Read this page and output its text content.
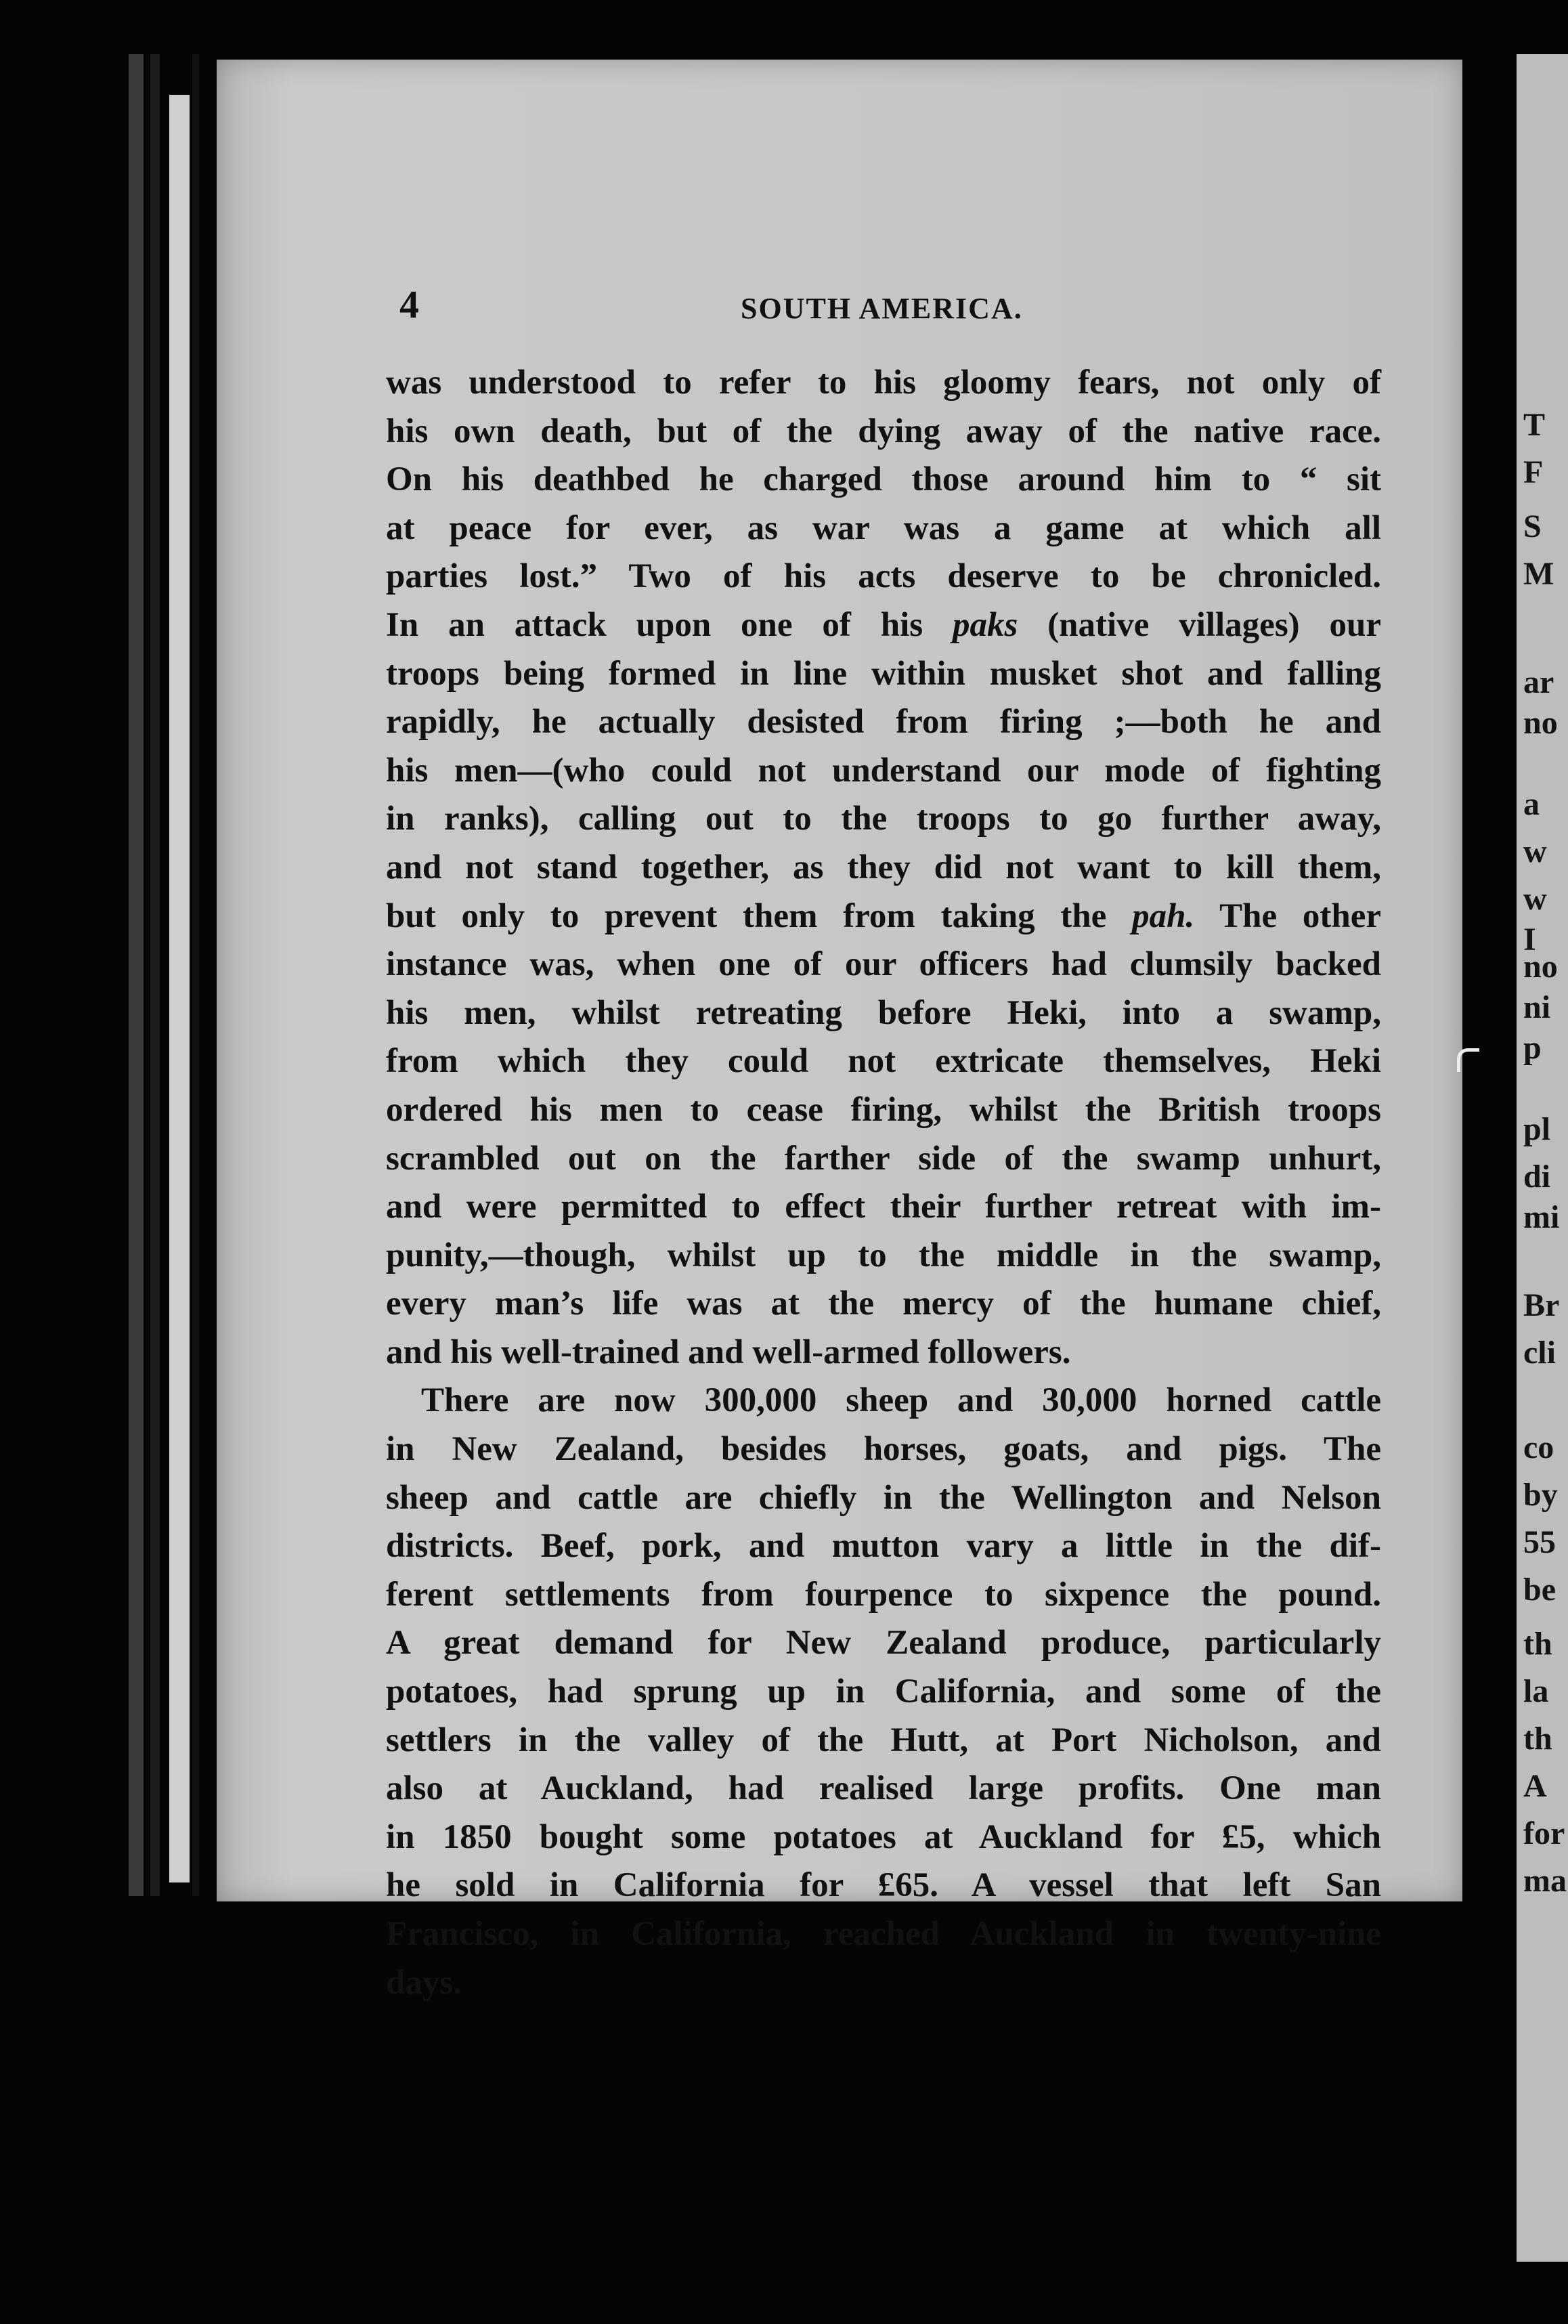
4	SOUTH AMERICA.
was understood to refer to his gloomy fears, not only of
his own death, but of the dying away of the native race.
On his deathbed he charged those around him to “ sit
at peace for ever, as war was a game at which all
parties lost.” Two of his acts deserve to be chronicled.
In an attack upon one of his paks (native villages) our
troops being formed in line within musket shot and falling
rapidly, he actually desisted from firing ;—both he and
his men—(who could not understand our mode of fighting
in ranks), calling out to the troops to go further away,
and not stand together, as they did not want to kill them,
but only to prevent them from taking the pah. The other
instance was, when one of our officers had clumsily backed
his men, whilst retreating before Heki, into a swamp,
from which they could not extricate themselves, Heki
ordered his men to cease firing, whilst the British troops
scrambled out on the farther side of the swamp unhurt,
and were permitted to effect their further retreat with im-
punity,—though, whilst up to the middle in the swamp,
every man’s life was at the mercy of the humane chief,
and his well-trained and well-armed followers.
There are now 300,000 sheep and 30,000 horned cattle
in New Zealand, besides horses, goats, and pigs. The
sheep and cattle are chiefly in the Wellington and Nelson
districts. Beef, pork, and mutton vary a little in the dif-
ferent settlements from fourpence to sixpence the pound.
A great demand for New Zealand produce, particularly
potatoes, had sprung up in California, and some of the
settlers in the valley of the Hutt, at Port Nicholson, and
also at Auckland, had realised large profits. One man
in 1850 bought some potatoes at Auckland for £5, which
he sold in California for £65. A vessel that left San
Francisco, in California, reached Auckland in twenty-nine
days.
T
F
S
M
ar
no
a
w
w
I
no
ni
p
pl
di
mi
Br
cli
co
by
55
be
th
la
th
A
for
ma
